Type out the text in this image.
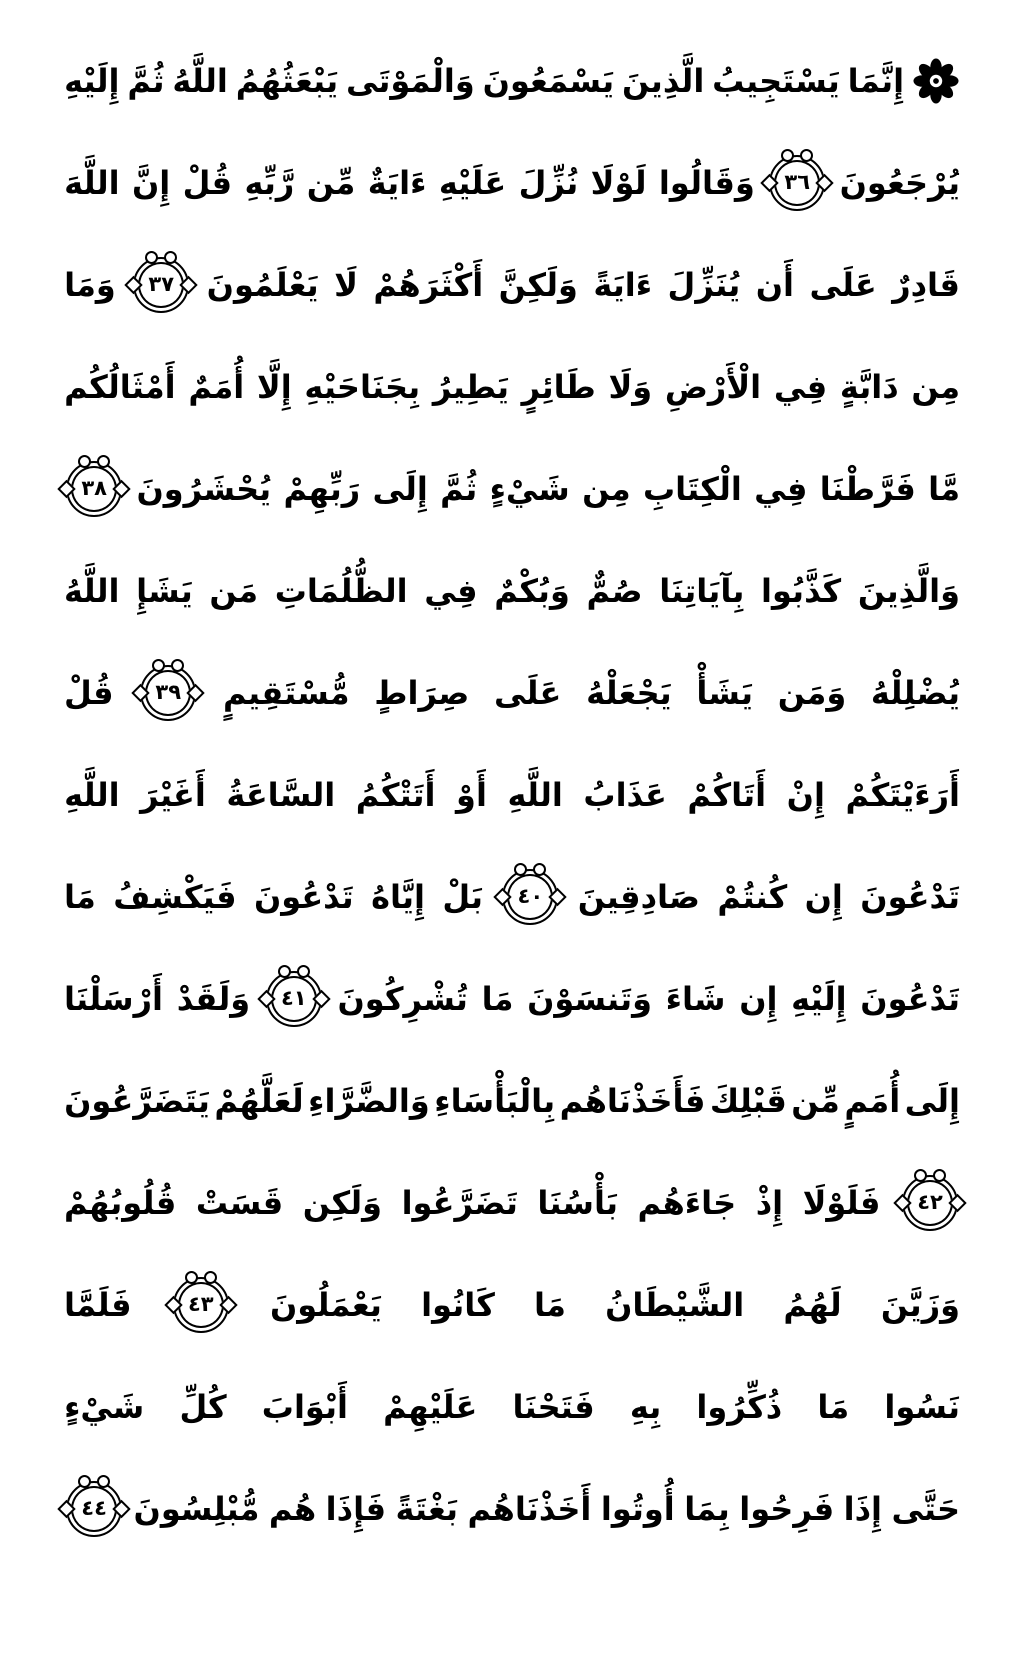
إِنَّمَا
يَسْتَجِيبُ
الَّذِينَ
يَسْمَعُونَ
وَالْمَوْتَى
يَبْعَثُهُمُ
اللَّهُ
ثُمَّ
إِلَيْهِ
يُرْجَعُونَ
٣٦
وَقَالُوا
لَوْلَا
نُزِّلَ
عَلَيْهِ
ءَايَةٌ
مِّن
رَّبِّهِ
قُلْ
إِنَّ
اللَّهَ
قَادِرٌ
عَلَى
أَن
يُنَزِّلَ
ءَايَةً
وَلَكِنَّ
أَكْثَرَهُمْ
لَا
يَعْلَمُونَ
٣٧
وَمَا
مِن
دَابَّةٍ
فِي
الْأَرْضِ
وَلَا
طَائِرٍ
يَطِيرُ
بِجَنَاحَيْهِ
إِلَّا
أُمَمٌ
أَمْثَالُكُم
مَّا
فَرَّطْنَا
فِي
الْكِتَابِ
مِن
شَيْءٍ
ثُمَّ
إِلَى
رَبِّهِمْ
يُحْشَرُونَ
٣٨
وَالَّذِينَ
كَذَّبُوا
بِآيَاتِنَا
صُمٌّ
وَبُكْمٌ
فِي
الظُّلُمَاتِ
مَن
يَشَإِ
اللَّهُ
يُضْلِلْهُ
وَمَن
يَشَأْ
يَجْعَلْهُ
عَلَى
صِرَاطٍ
مُّسْتَقِيمٍ
٣٩
قُلْ
أَرَءَيْتَكُمْ
إِنْ
أَتَاكُمْ
عَذَابُ
اللَّهِ
أَوْ
أَتَتْكُمُ
السَّاعَةُ
أَغَيْرَ
اللَّهِ
تَدْعُونَ
إِن
كُنتُمْ
صَادِقِينَ
٤٠
بَلْ
إِيَّاهُ
تَدْعُونَ
فَيَكْشِفُ
مَا
تَدْعُونَ
إِلَيْهِ
إِن
شَاءَ
وَتَنسَوْنَ
مَا
تُشْرِكُونَ
٤١
وَلَقَدْ
أَرْسَلْنَا
إِلَى
أُمَمٍ
مِّن
قَبْلِكَ
فَأَخَذْنَاهُم
بِالْبَأْسَاءِ
وَالضَّرَّاءِ
لَعَلَّهُمْ
يَتَضَرَّعُونَ
٤٢
فَلَوْلَا
إِذْ
جَاءَهُم
بَأْسُنَا
تَضَرَّعُوا
وَلَكِن
قَسَتْ
قُلُوبُهُمْ
وَزَيَّنَ
لَهُمُ
الشَّيْطَانُ
مَا
كَانُوا
يَعْمَلُونَ
٤٣
فَلَمَّا
نَسُوا
مَا
ذُكِّرُوا
بِهِ
فَتَحْنَا
عَلَيْهِمْ
أَبْوَابَ
كُلِّ
شَيْءٍ
حَتَّى
إِذَا
فَرِحُوا
بِمَا
أُوتُوا
أَخَذْنَاهُم
بَغْتَةً
فَإِذَا
هُم
مُّبْلِسُونَ
٤٤
